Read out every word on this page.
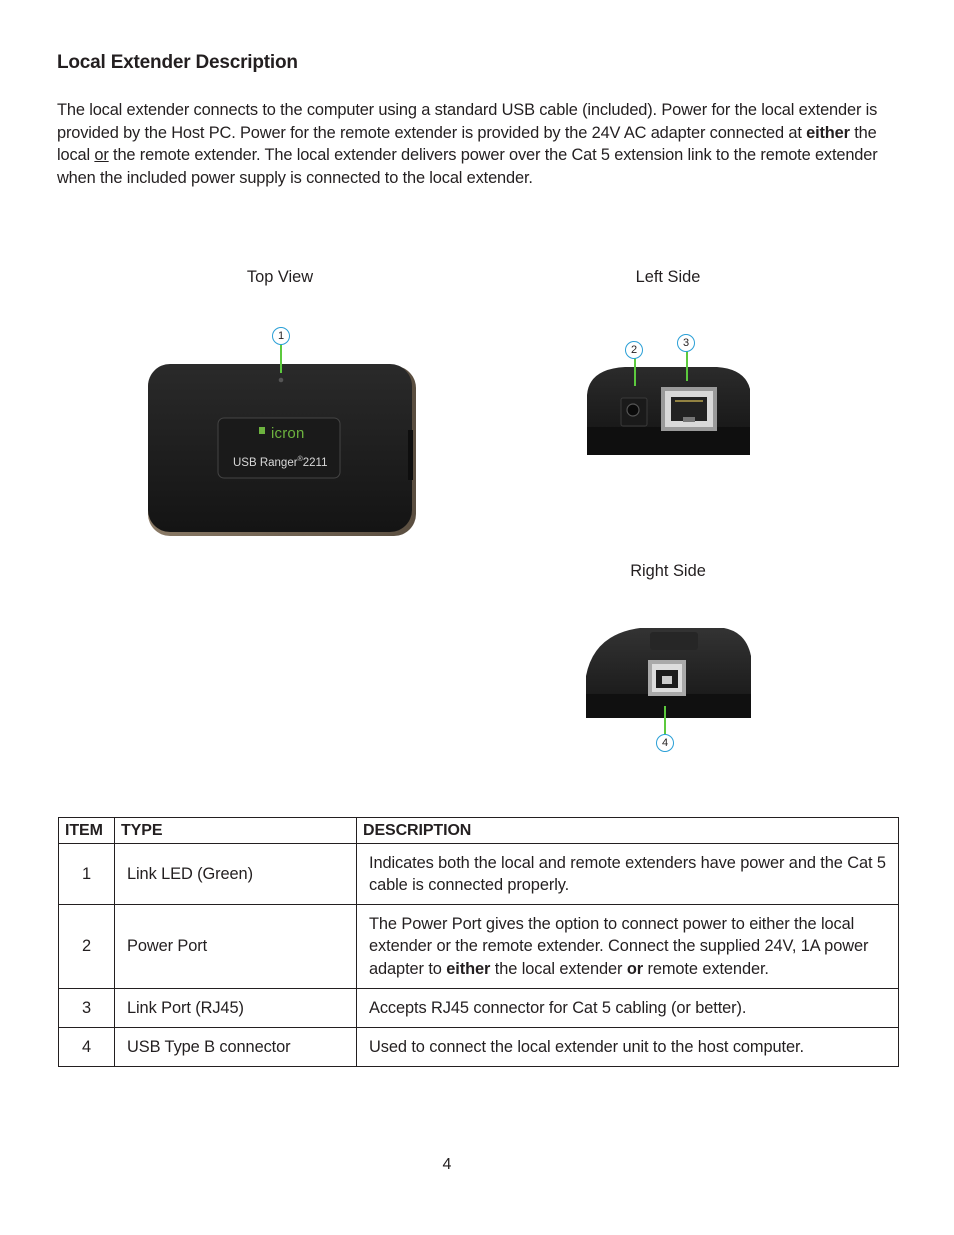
Local Extender Description

The local extender connects to the computer using a standard USB cable (included). Power for the local extender is provided by the Host PC. Power for the remote extender is provided by the 24V AC adapter connected at either the local or the remote extender. The local extender delivers power over the Cat 5 extension link to the remote extender when the included power supply is connected to the local extender.

Top View	Left Side
Right Side
icron
USB Ranger®2211
1
2
3
4
ITEM	TYPE	DESCRIPTION
1	Link LED (Green)	Indicates both the local and remote extenders have power and the Cat 5 cable is connected properly.
2	Power Port	The Power Port gives the option to connect power to either the local extender or the remote extender. Connect the supplied 24V, 1A power adapter to either the local extender or remote extender.
3	Link Port (RJ45)	Accepts RJ45 connector for Cat 5 cabling (or better).
4	USB Type B connector	Used to connect the local extender unit to the host computer.
4
